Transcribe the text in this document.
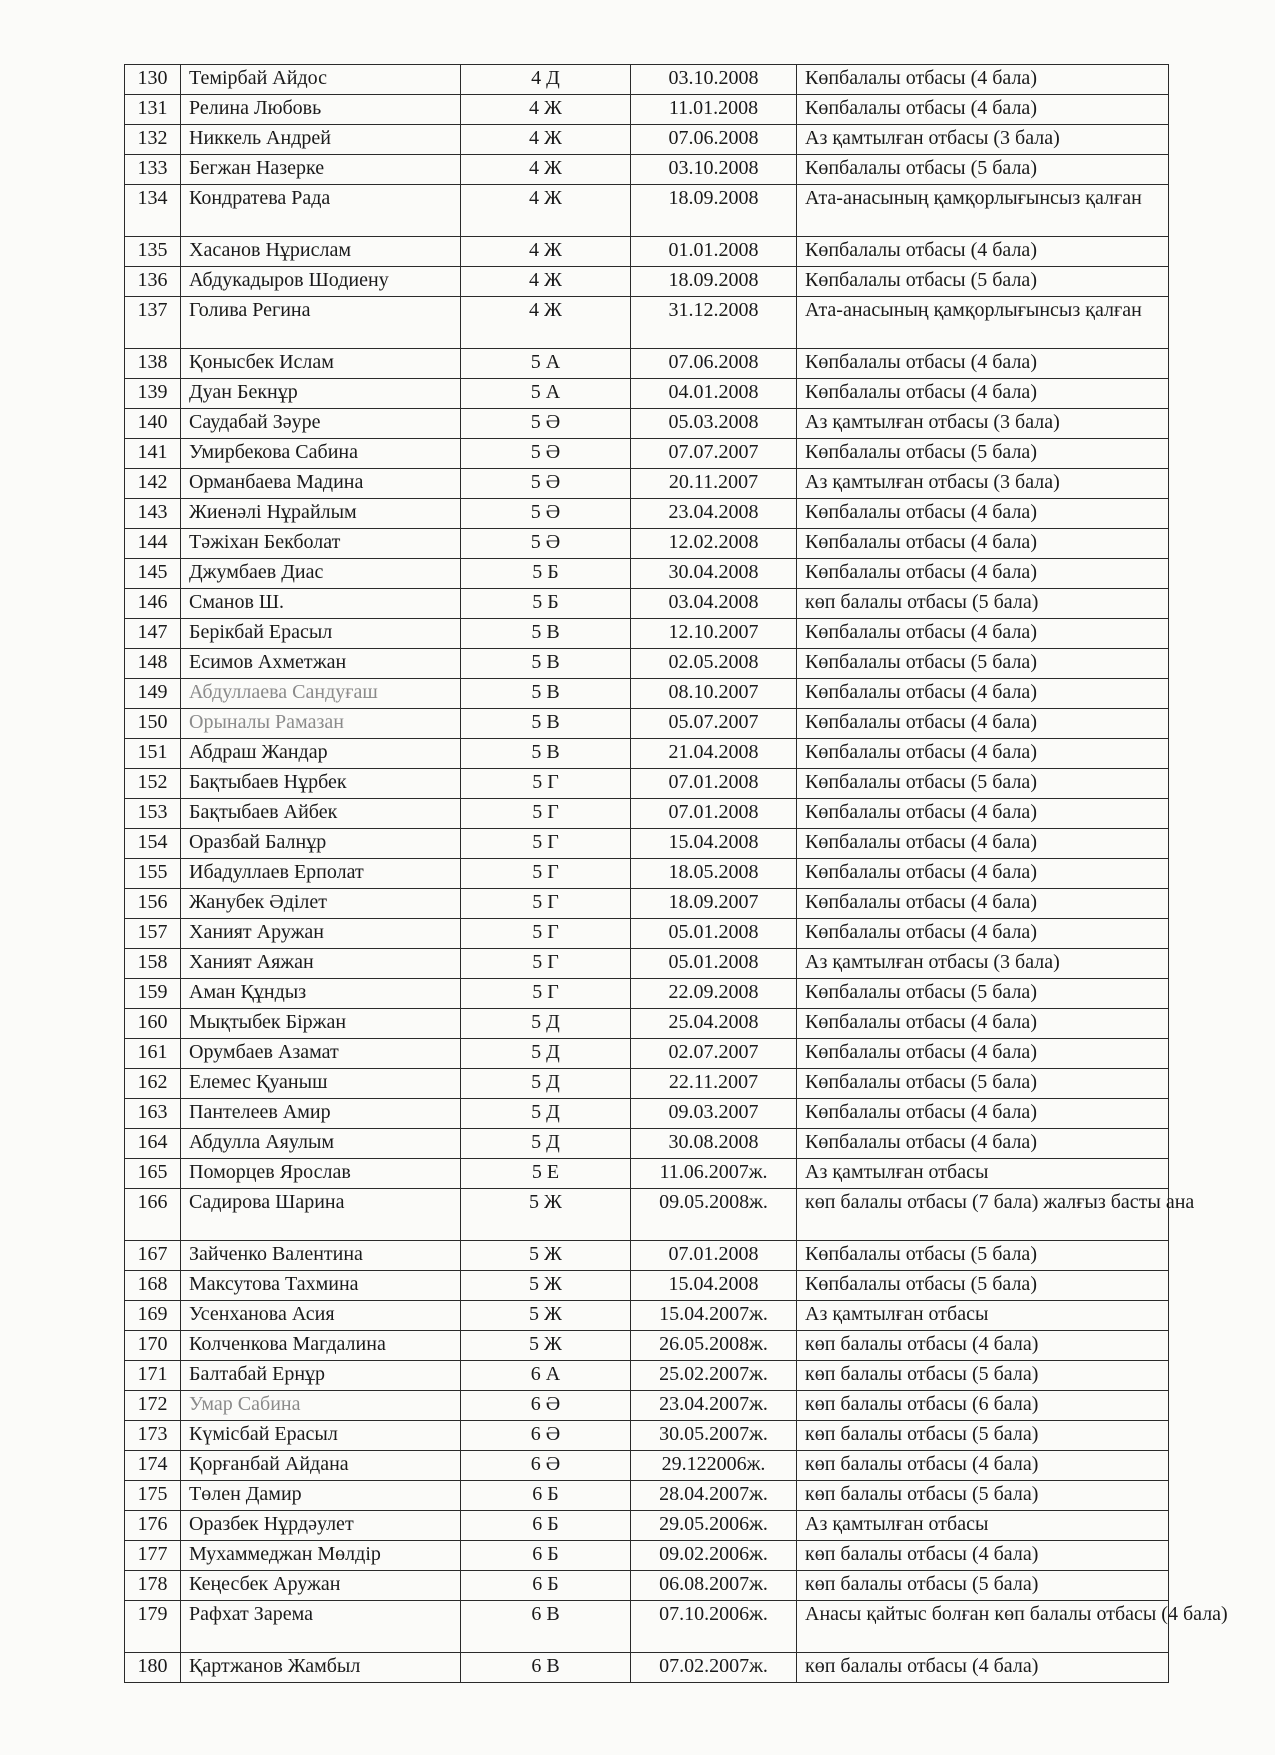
130	Темірбай Айдос	4 Д	03.10.2008	Көпбалалы отбасы (4 бала)
131	Релина Любовь	4 Ж	11.01.2008	Көпбалалы отбасы (4 бала)
132	Никкель Андрей	4 Ж	07.06.2008	Аз қамтылған отбасы (3 бала)
133	Бегжан Назерке	4 Ж	03.10.2008	Көпбалалы отбасы (5 бала)
134	Кондратева Рада	4 Ж	18.09.2008	Ата-анасының қамқорлығынсыз қалған
135	Хасанов Нұрислам	4 Ж	01.01.2008	Көпбалалы отбасы (4 бала)
136	Абдукадыров Шодиену	4 Ж	18.09.2008	Көпбалалы отбасы (5 бала)
137	Голива Регина	4 Ж	31.12.2008	Ата-анасының қамқорлығынсыз қалған
138	Қонысбек Ислам	5 А	07.06.2008	Көпбалалы отбасы (4 бала)
139	Дуан Бекнұр	5 А	04.01.2008	Көпбалалы отбасы (4 бала)
140	Саудабай Зәуре	5 Ә	05.03.2008	Аз қамтылған отбасы (3 бала)
141	Умирбекова Сабина	5 Ә	07.07.2007	Көпбалалы отбасы (5 бала)
142	Орманбаева Мадина	5 Ә	20.11.2007	Аз қамтылған отбасы (3 бала)
143	Жиенәлі Нұрайлым	5 Ә	23.04.2008	Көпбалалы отбасы (4 бала)
144	Тәжіхан Бекболат	5 Ә	12.02.2008	Көпбалалы отбасы (4 бала)
145	Джумбаев Диас	5 Б	30.04.2008	Көпбалалы отбасы (4 бала)
146	Сманов Ш.	5 Б	03.04.2008	көп балалы отбасы (5 бала)
147	Берікбай Ерасыл	5 В	12.10.2007	Көпбалалы отбасы (4 бала)
148	Есимов Ахметжан	5 В	02.05.2008	Көпбалалы отбасы (5 бала)
149	Абдуллаева Сандуғаш	5 В	08.10.2007	Көпбалалы отбасы (4 бала)
150	Орыналы Рамазан	5 В	05.07.2007	Көпбалалы отбасы (4 бала)
151	Абдраш Жандар	5 В	21.04.2008	Көпбалалы отбасы (4 бала)
152	Бақтыбаев Нұрбек	5 Г	07.01.2008	Көпбалалы отбасы (5 бала)
153	Бақтыбаев Айбек	5 Г	07.01.2008	Көпбалалы отбасы (4 бала)
154	Оразбай Балнұр	5 Г	15.04.2008	Көпбалалы отбасы (4 бала)
155	Ибадуллаев Ерполат	5 Г	18.05.2008	Көпбалалы отбасы (4 бала)
156	Жанубек Әділет	5 Г	18.09.2007	Көпбалалы отбасы (4 бала)
157	Ханият Аружан	5 Г	05.01.2008	Көпбалалы отбасы (4 бала)
158	Ханият Аяжан	5 Г	05.01.2008	Аз қамтылған отбасы (3 бала)
159	Аман Құндыз	5 Г	22.09.2008	Көпбалалы отбасы (5 бала)
160	Мықтыбек Біржан	5 Д	25.04.2008	Көпбалалы отбасы (4 бала)
161	Орумбаев Азамат	5 Д	02.07.2007	Көпбалалы отбасы (4 бала)
162	Елемес Қуаныш	5 Д	22.11.2007	Көпбалалы отбасы (5 бала)
163	Пантелеев Амир	5 Д	09.03.2007	Көпбалалы отбасы (4 бала)
164	Абдулла Аяулым	5 Д	30.08.2008	Көпбалалы отбасы (4 бала)
165	Поморцев Ярослав	5 Е	11.06.2007ж.	Аз қамтылған отбасы
166	Садирова Шарина	5 Ж	09.05.2008ж.	көп балалы отбасы (7 бала) жалғыз басты ана
167	Зайченко Валентина	5 Ж	07.01.2008	Көпбалалы отбасы (5 бала)
168	Максутова Тахмина	5 Ж	15.04.2008	Көпбалалы отбасы (5 бала)
169	Усенханова Асия	5 Ж	15.04.2007ж.	Аз қамтылған отбасы
170	Колченкова Магдалина	5 Ж	26.05.2008ж.	көп балалы отбасы (4 бала)
171	Балтабай Ернұр	6 А	25.02.2007ж.	көп балалы отбасы (5 бала)
172	Умар Сабина	6 Ә	23.04.2007ж.	көп балалы отбасы (6 бала)
173	Күмісбай Ерасыл	6 Ә	30.05.2007ж.	көп балалы отбасы (5 бала)
174	Қорғанбай Айдана	6 Ә	29.122006ж.	көп балалы отбасы (4 бала)
175	Төлен Дамир	6 Б	28.04.2007ж.	көп балалы отбасы (5 бала)
176	Оразбек Нұрдәулет	6 Б	29.05.2006ж.	Аз қамтылған отбасы
177	Мухаммеджан Мөлдір	6 Б	09.02.2006ж.	көп балалы отбасы (4 бала)
178	Кеңесбек Аружан	6 Б	06.08.2007ж.	көп балалы отбасы (5 бала)
179	Рафхат Зарема	6 В	07.10.2006ж.	Анасы қайтыс болған көп балалы отбасы (4 бала)
180	Қартжанов Жамбыл	6 В	07.02.2007ж.	көп балалы отбасы (4 бала)
